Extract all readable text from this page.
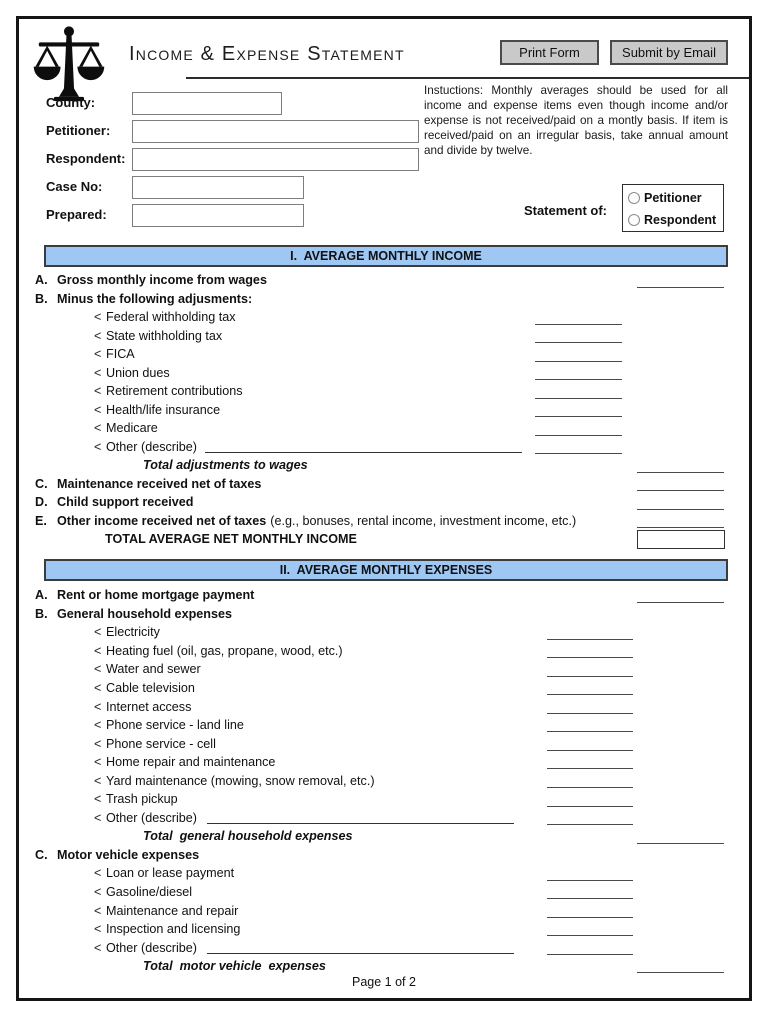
Income & Expense Statement	Print Form	Submit by Email
County:
Petitioner:
Respondent:
Case No:
Prepared:
Instuctions: Monthly averages should be used for all income and expense items even though income and/or expense is not received/paid on a montly basis. If item is received/paid on an irregular basis, take annual amount and divide by twelve.
Statement of:
Petitioner
Respondent
I.  AVERAGE MONTHLY INCOME
A. Gross monthly income from wages
B. Minus the following adjusments:
< Federal withholding tax
< State withholding tax
< FICA
< Union dues
< Retirement contributions
< Health/life insurance
< Medicare
< Other (describe)
Total adjustments to wages
C. Maintenance received net of taxes
D. Child support received
E. Other income received net of taxes (e.g., bonuses, rental income, investment income, etc.)
TOTAL AVERAGE NET MONTHLY INCOME
II.  AVERAGE MONTHLY EXPENSES
A. Rent or home mortgage payment
B. General household expenses
< Electricity
< Heating fuel (oil, gas, propane, wood, etc.)
< Water and sewer
< Cable television
< Internet access
< Phone service - land line
< Phone service - cell
< Home repair and maintenance
< Yard maintenance (mowing, snow removal, etc.)
< Trash pickup
< Other (describe)
Total  general household expenses
C. Motor vehicle expenses
< Loan or lease payment
< Gasoline/diesel
< Maintenance and repair
< Inspection and licensing
< Other (describe)
Total  motor vehicle  expenses
Page 1 of 2
